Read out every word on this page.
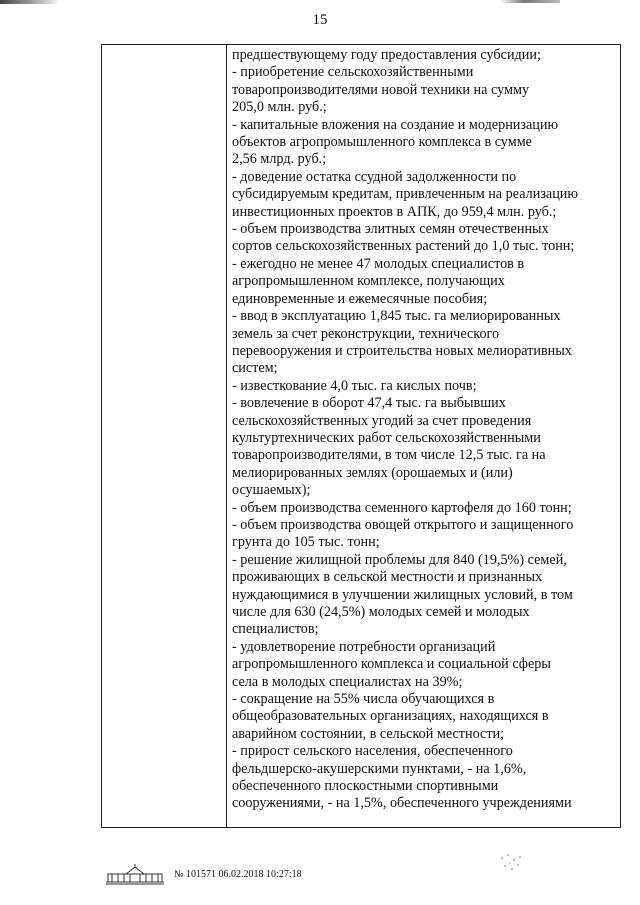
15
предшествующему году предоставления субсидии;
- приобретение сельскохозяйственными
товаропроизводителями новой техники на сумму
205,0 млн. руб.;
- капитальные вложения на создание и модернизацию
объектов агропромышленного комплекса в сумме
2,56 млрд. руб.;
- доведение остатка ссудной задолженности по
субсидируемым кредитам, привлеченным на реализацию
инвестиционных проектов в АПК, до 959,4 млн. руб.;
- объем производства элитных семян отечественных
сортов сельскохозяйственных растений до 1,0 тыс. тонн;
- ежегодно не менее 47 молодых специалистов в
агропромышленном комплексе, получающих
единовременные и ежемесячные пособия;
- ввод в эксплуатацию 1,845 тыс. га мелиорированных
земель за счет реконструкции, технического
перевооружения и строительства новых мелиоративных
систем;
- известкование 4,0 тыс. га кислых почв;
- вовлечение в оборот 47,4 тыс. га выбывших
сельскохозяйственных угодий за счет проведения
культуртехнических работ сельскохозяйственными
товаропроизводителями, в том числе 12,5 тыс. га на
мелиорированных землях (орошаемых и (или)
осушаемых);
- объем производства семенного картофеля до 160 тонн;
- объем производства овощей открытого и защищенного
грунта до 105 тыс. тонн;
- решение жилищной проблемы для 840 (19,5%) семей,
проживающих в сельской местности и признанных
нуждающимися в улучшении жилищных условий, в том
числе для 630 (24,5%) молодых семей и молодых
специалистов;
- удовлетворение потребности организаций
агропромышленного комплекса и социальной сферы
села в молодых специалистах на 39%;
- сокращение на 55% числа обучающихся в
общеобразовательных организациях, находящихся в
аварийном состоянии, в сельской местности;
- прирост сельского населения, обеспеченного
фельдшерско-акушерскими пунктами, - на 1,6%,
обеспеченного плоскостными спортивными
сооружениями, - на 1,5%, обеспеченного учреждениями
№ 101571 06.02.2018 10:27:18
